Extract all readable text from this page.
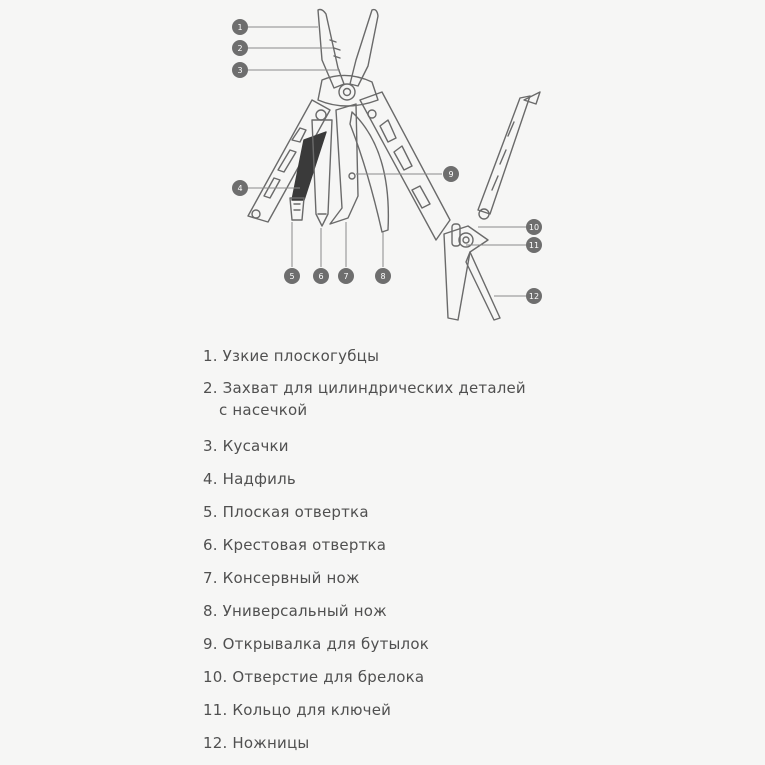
1
2
3
4
5	6 7	8
9
10
11
12
1. Узкие плоскогубцы
2. Захват для цилиндрических деталей
с насечкой
3. Кусачки
4. Надфиль
5. Плоская отвертка
6. Крестовая отвертка
7. Консервный нож
8. Универсальный нож
9. Открывалка для бутылок
10. Отверстие для брелока
11. Кольцо для ключей
12. Ножницы
